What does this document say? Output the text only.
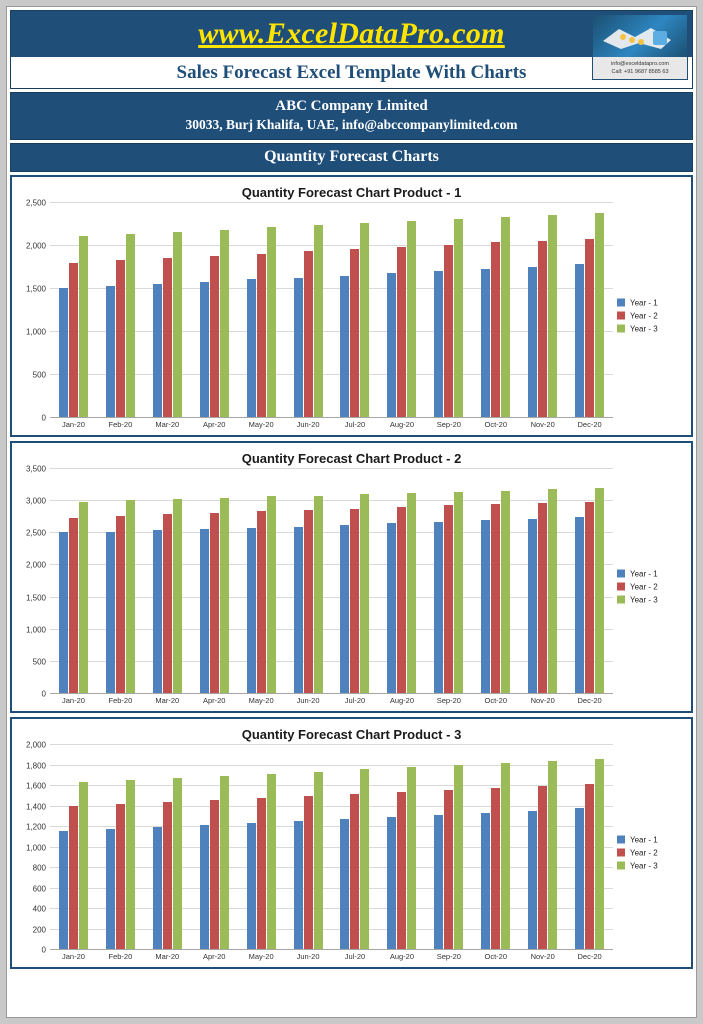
www.ExcelDataPro.com
Sales Forecast Excel Template With Charts	info@exceldatapro.com
Call: +91 9687 8585 63
ABC Company Limited
30033, Burj Khalifa, UAE, info@abccompanylimited.com
Quantity Forecast Charts
Quantity Forecast Chart Product - 1
0
500
1,000
1,500
2,000
2,500
Jan-20	Feb-20	Mar-20	Apr-20	May-20	Jun-20	Jul-20	Aug-20	Sep-20	Oct-20	Nov-20	Dec-20
Year - 1
Year - 2
Year - 3
Quantity Forecast Chart Product - 2
0
500
1,000
1,500
2,000
2,500
3,000
3,500
Jan-20	Feb-20	Mar-20	Apr-20	May-20	Jun-20	Jul-20	Aug-20	Sep-20	Oct-20	Nov-20	Dec-20
Year - 1
Year - 2
Year - 3
Quantity Forecast Chart Product - 3
0
200
400
600
800
1,000
1,200
1,400
1,600
1,800
2,000
Jan-20	Feb-20	Mar-20	Apr-20	May-20	Jun-20	Jul-20	Aug-20	Sep-20	Oct-20	Nov-20	Dec-20
Year - 1
Year - 2
Year - 3
